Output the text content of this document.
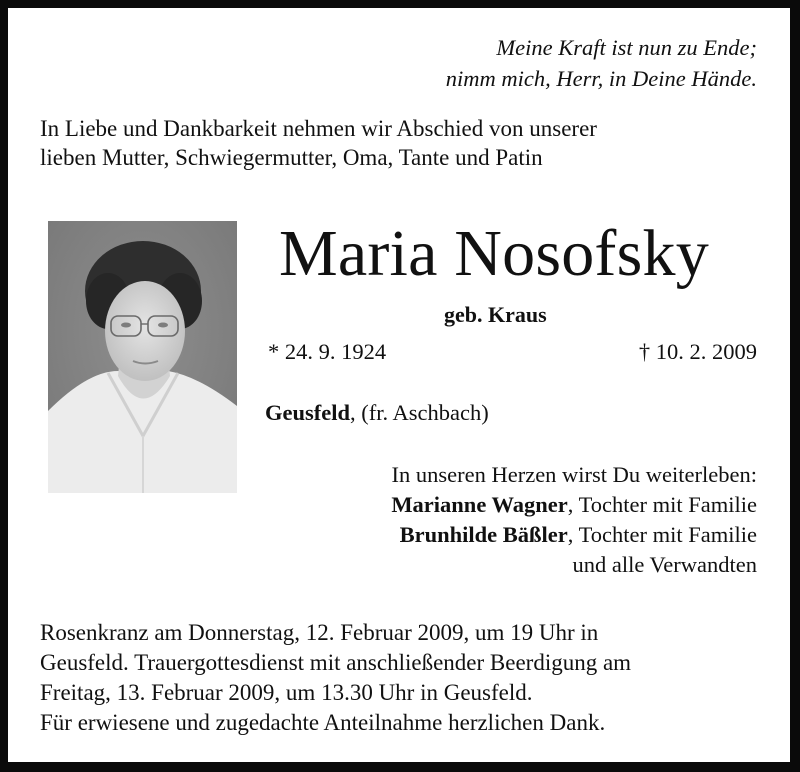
Meine Kraft ist nun zu Ende;
nimm mich, Herr, in Deine Hände.
In Liebe und Dankbarkeit nehmen wir Abschied von unserer
lieben Mutter, Schwiegermutter, Oma, Tante und Patin
Maria Nosofsky
geb. Kraus
* 24. 9. 1924	† 10. 2. 2009
Geusfeld, (fr. Aschbach)
In unseren Herzen wirst Du weiterleben:
Marianne Wagner, Tochter mit Familie
Brunhilde Bäßler, Tochter mit Familie
und alle Verwandten
Rosenkranz am Donnerstag, 12. Februar 2009, um 19 Uhr in
Geusfeld. Trauergottesdienst mit anschließender Beerdigung am
Freitag, 13. Februar 2009, um 13.30 Uhr in Geusfeld.
Für erwiesene und zugedachte Anteilnahme herzlichen Dank.
